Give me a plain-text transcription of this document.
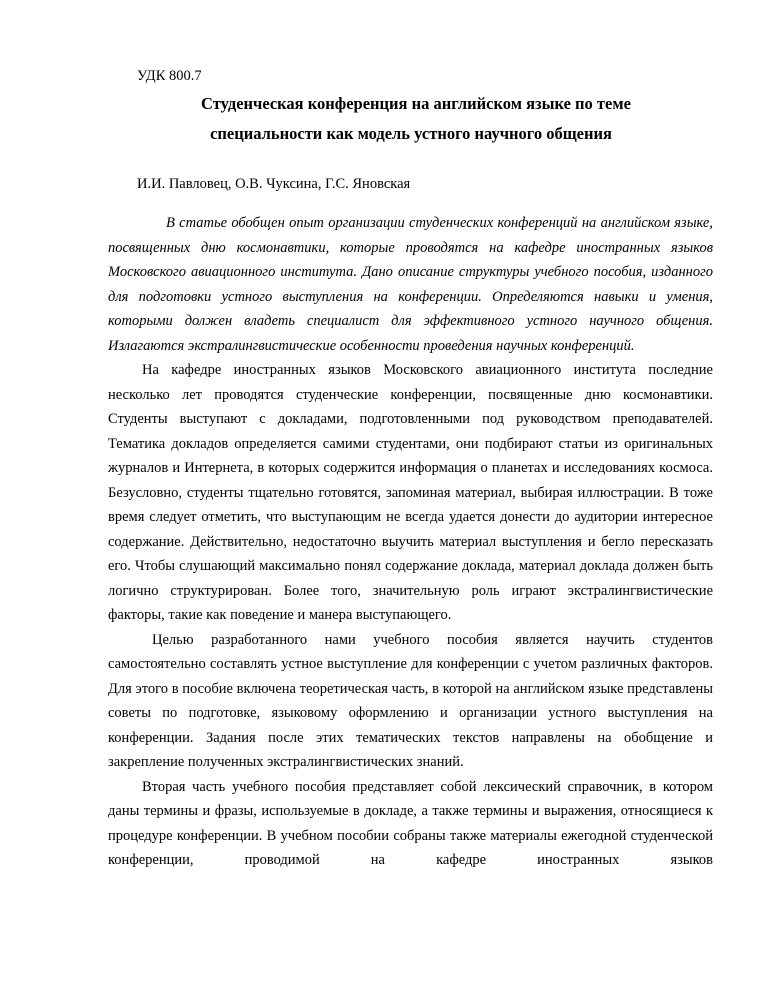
УДК 800.7
Студенческая конференция на английском языке по теме
специальности как модель устного научного общения
И.И. Павловец, О.В. Чуксина, Г.С. Яновская

В статье обобщен опыт организации студенческих конференций на английском языке, посвященных дню космонавтики, которые проводятся на кафедре иностранных языков Московского авиационного института. Дано описание структуры учебного пособия, изданного для подготовки устного выступления на конференции. Определяются навыки и умения, которыми должен владеть специалист для эффективного устного научного общения. Излагаются экстралингвистические особенности проведения научных конференций.

На кафедре иностранных языков Московского авиационного института последние несколько лет проводятся студенческие конференции, посвященные дню космонавтики. Студенты выступают с докладами, подготовленными под руководством преподавателей. Тематика докладов определяется самими студентами, они подбирают статьи из оригинальных журналов и Интернета, в которых содержится информация о планетах и исследованиях космоса. Безусловно, студенты тщательно готовятся, запоминая материал, выбирая иллюстрации. В тоже время следует отметить, что выступающим не всегда удается донести до аудитории интересное содержание. Действительно, недостаточно выучить материал выступления и бегло пересказать его. Чтобы слушающий максимально понял содержание доклада, материал доклада должен быть логично структурирован. Более того, значительную роль играют экстралингвистические факторы, такие как поведение и манера выступающего.

Целью разработанного нами учебного пособия является научить студентов самостоятельно составлять устное выступление для конференции с учетом различных факторов. Для этого в пособие включена теоретическая часть, в которой на английском языке представлены советы по подготовке, языковому оформлению и организации устного выступления на конференции. Задания после этих тематических текстов направлены на обобщение и закрепление полученных экстралингвистических знаний.

Вторая часть учебного пособия представляет собой лексический справочник, в котором даны термины и фразы, используемые в докладе, а также термины и выражения, относящиеся к процедуре конференции. В учебном пособии собраны также материалы ежегодной студенческой конференции, проводимой на кафедре иностранных языков
